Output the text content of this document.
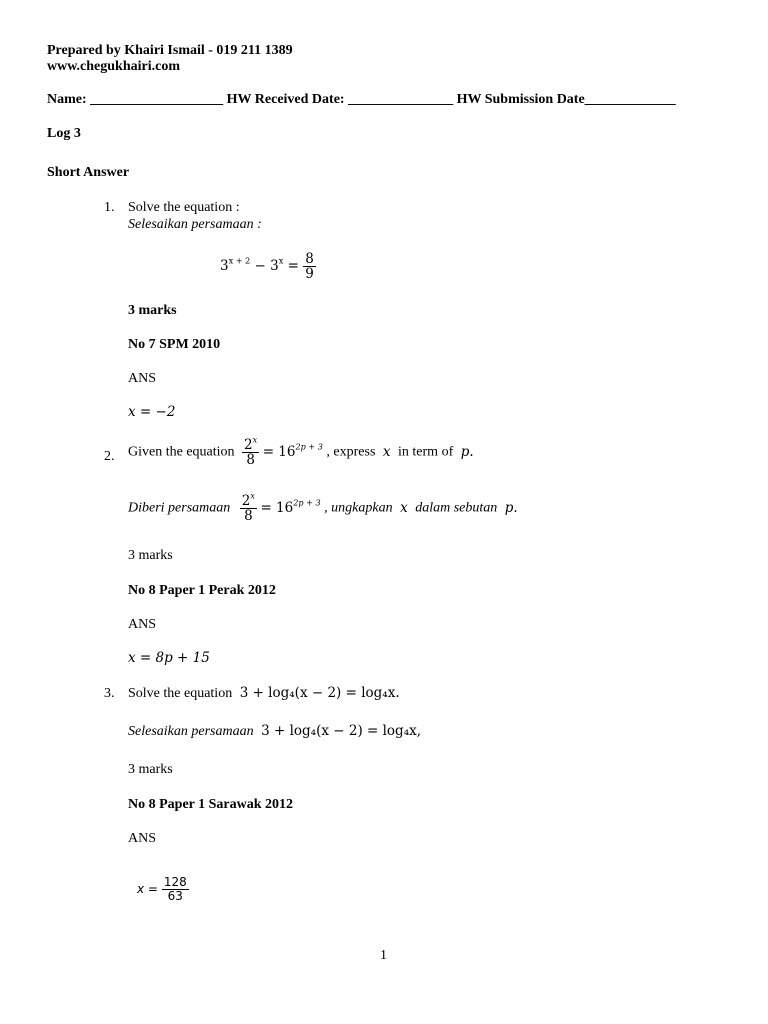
Prepared by Khairi Ismail - 019 211 1389
www.chegukhairi.com
Name: ___________________ HW Received Date: _______________ HW Submission Date_____________
Log 3
Short Answer
1. Solve the equation :
Selesaikan persamaan :
$3^{x + 2} - 3^x = \frac{8}{9}$
3 marks
No 7 SPM 2010
ANS
x = −2
2. Given the equation $\frac{2^x}{8} = 16^{2p + 3}$ , express x in term of p.
Diberi persamaan $\frac{2^x}{8} = 16^{2p + 3}$ , ungkapkan x dalam sebutan p.
3 marks
No 8 Paper 1 Perak 2012
ANS
x = 8p + 15
3. Solve the equation 3 + log₄(x − 2) = log₄x.
Selesaikan persamaan 3 + log₄(x − 2) = log₄x,
3 marks
No 8 Paper 1 Sarawak 2012
ANS
$x = \frac{128}{63}$
1
